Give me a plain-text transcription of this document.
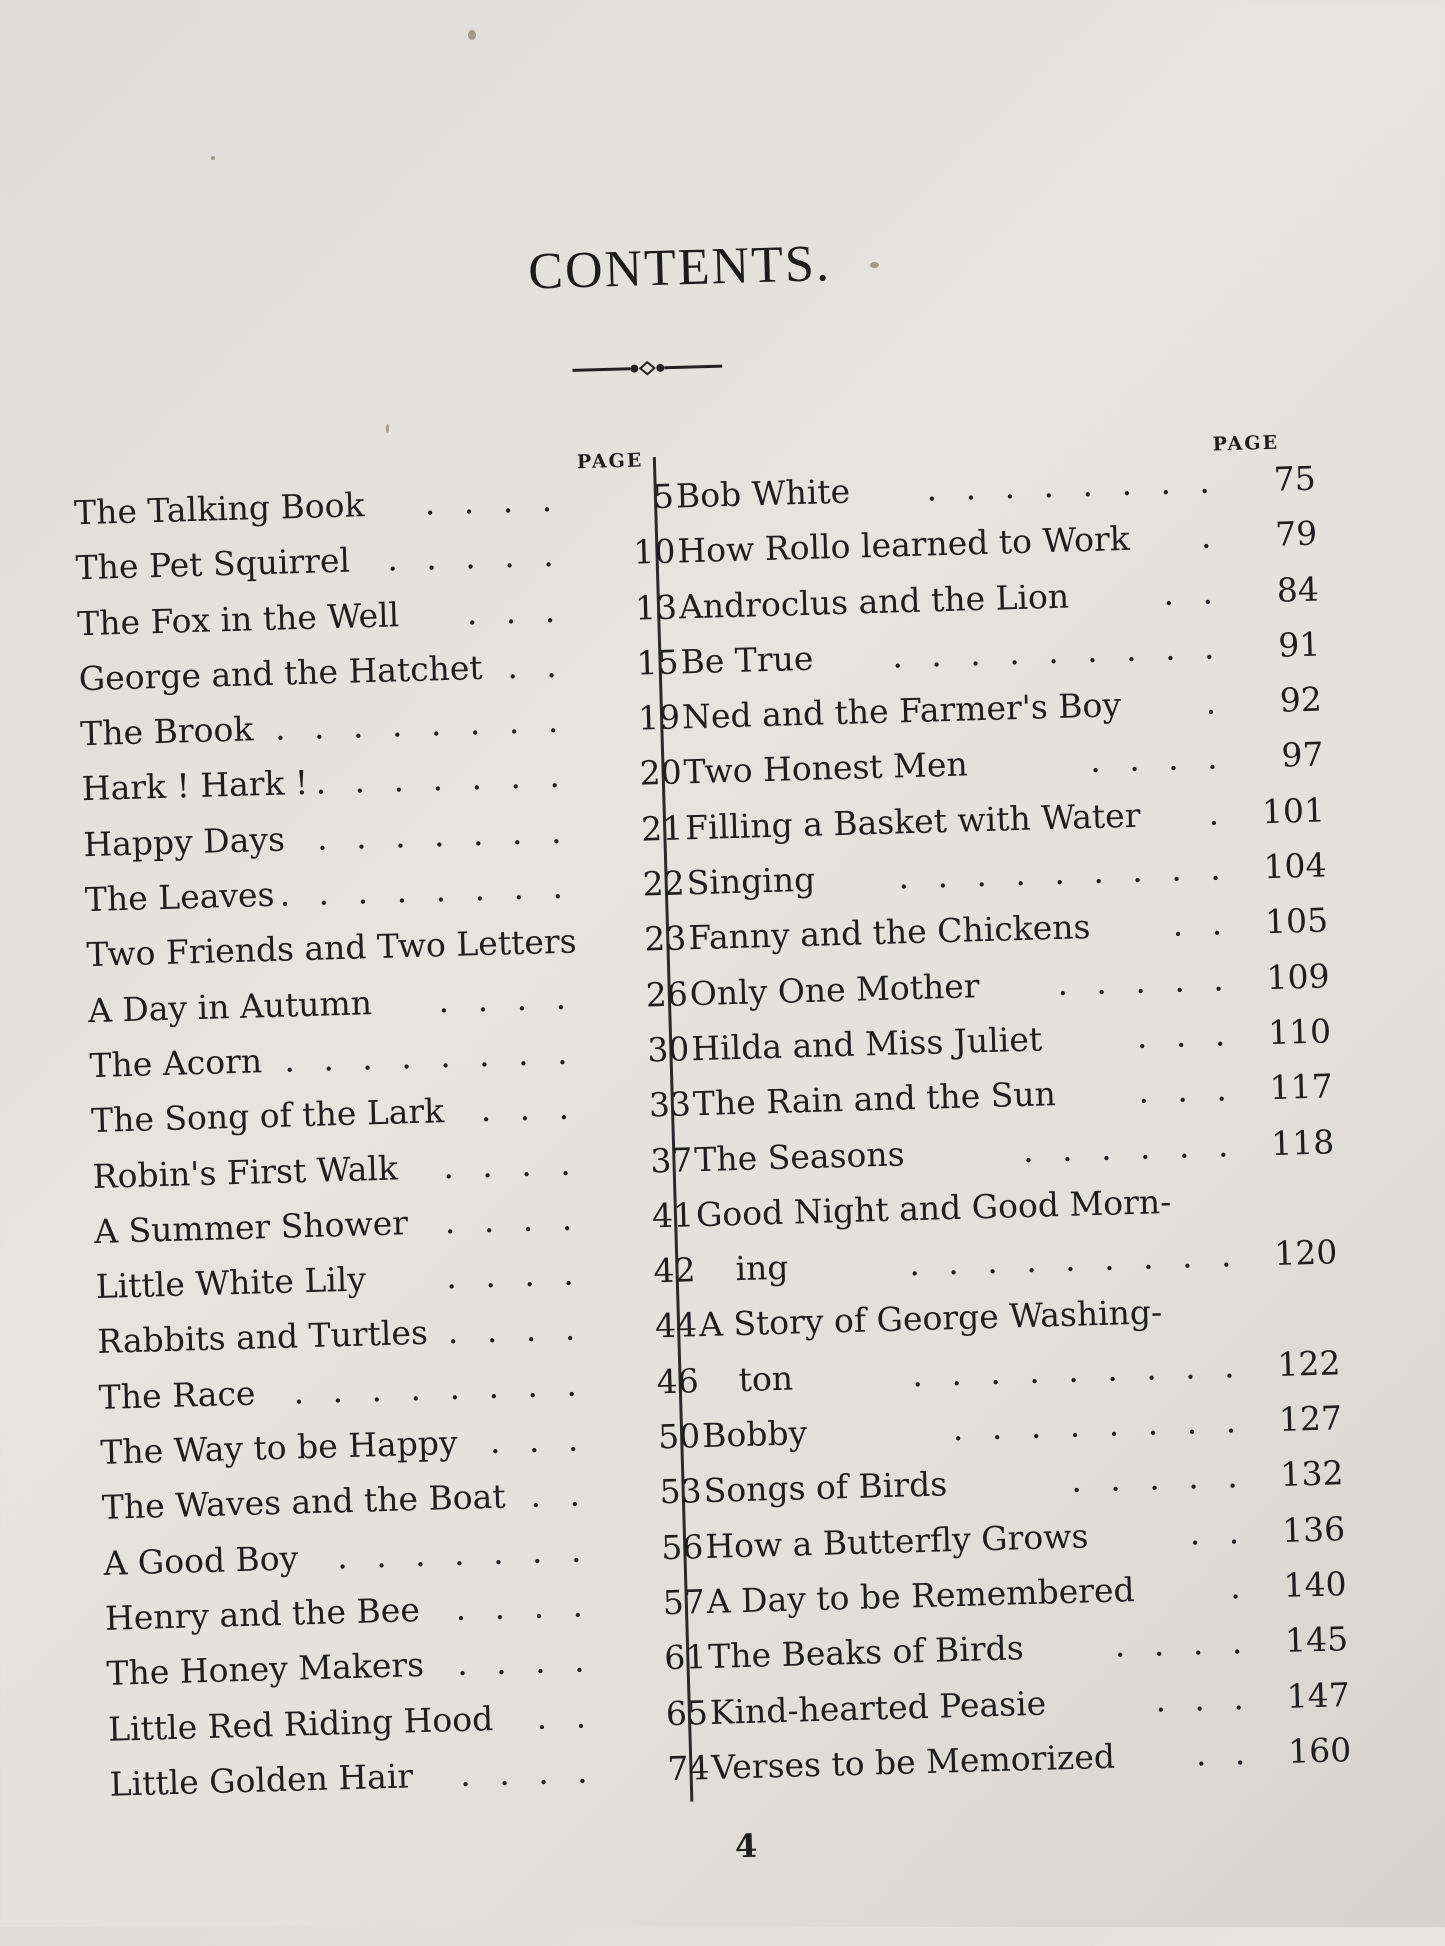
CONTENTS.
PAGE
PAGE
The Talking Book	. . . .	5
The Pet Squirrel	. . . . .	10
The Fox in the Well	. . .	13
George and the Hatchet . .	15
The Brook . . . . . . . .	19
Hark ! Hark ! . . . . . . .	20
Happy Days . . . . . . .	21
The Leaves . . . . . . . .	22
Two Friends and Two Letters	23
A Day in Autumn	. . . .	26
The Acorn . . . . . . . .	30
The Song of the Lark	. . .	33
Robin's First Walk	. . . .	37
A Summer Shower	. . . .	41
Little White Lily	. . . .	42
Rabbits and Turtles . . . .	44
The Race	. . . . . . . .	46
The Way to be Happy . . .	50
The Waves and the Boat . .	53
A Good Boy	. . . . . . .	56
Henry and the Bee	. . . .	57
The Honey Makers . . . .	61
Little Red Riding Hood	. .	65
Little Golden Hair	. . . .	74
Bob White	. . . . . . . .	75
How Rollo learned to Work	.	79
Androclus and the Lion	. .	84
Be True	. . . . . . . . .	91
Ned and the Farmer's Boy	.	92
Two Honest Men	. . . .	97
Filling a Basket with Water	. 101
Singing	. . . . . . . . . 104
Fanny and the Chickens	. . 105
Only One Mother	. . . . . 109
Hilda and Miss Juliet	. . . 110
The Rain and the Sun	. . . 117
The Seasons	. . . . . . 118
Good Night and Good Morn-
ing	. . . . . . . . . 120
A Story of George Washing-
ton	. . . . . . . . . 122
Bobby	. . . . . . . . 127
Songs of Birds	. . . . . 132
How a Butterfly Grows	. . 136
A Day to be Remembered	. 140
The Beaks of Birds	. . . . 145
Kind-hearted Peasie	. . . 147
Verses to be Memorized	. . 160
4
